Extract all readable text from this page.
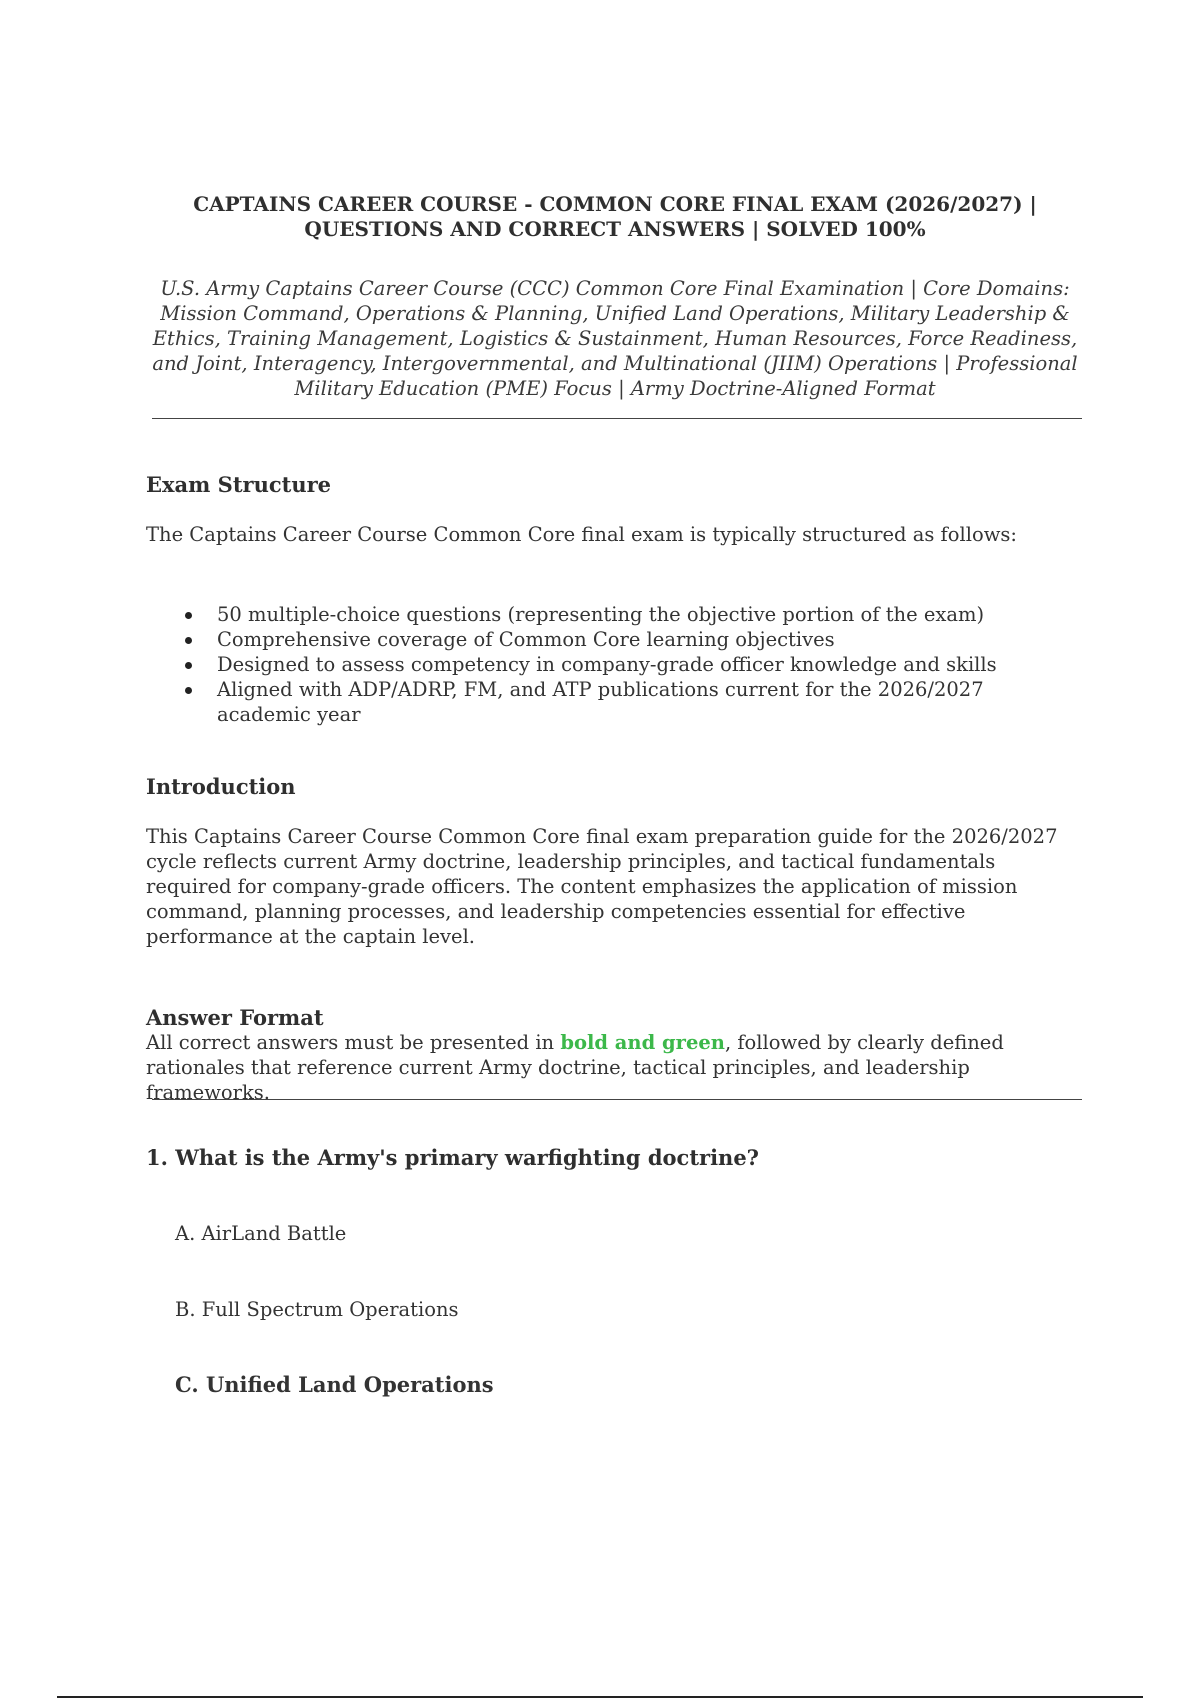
CAPTAINS CAREER COURSE - COMMON CORE FINAL EXAM (2026/2027) | QUESTIONS AND CORRECT ANSWERS | SOLVED 100%

U.S. Army Captains Career Course (CCC) Common Core Final Examination | Core Domains: Mission Command, Operations & Planning, Unified Land Operations, Military Leadership & Ethics, Training Management, Logistics & Sustainment, Human Resources, Force Readiness, and Joint, Interagency, Intergovernmental, and Multinational (JIIM) Operations | Professional Military Education (PME) Focus | Army Doctrine-Aligned Format

Exam Structure

The Captains Career Course Common Core final exam is typically structured as follows:

50 multiple-choice questions (representing the objective portion of the exam)
Comprehensive coverage of Common Core learning objectives
Designed to assess competency in company-grade officer knowledge and skills
Aligned with ADP/ADRP, FM, and ATP publications current for the 2026/2027 academic year
Introduction

This Captains Career Course Common Core final exam preparation guide for the 2026/2027 cycle reflects current Army doctrine, leadership principles, and tactical fundamentals required for company-grade officers. The content emphasizes the application of mission command, planning processes, and leadership competencies essential for effective performance at the captain level.

Answer Format

All correct answers must be presented in bold and green, followed by clearly defined rationales that reference current Army doctrine, tactical principles, and leadership frameworks.

1. What is the Army's primary warfighting doctrine?

A. AirLand Battle

B. Full Spectrum Operations

C. Unified Land Operations
